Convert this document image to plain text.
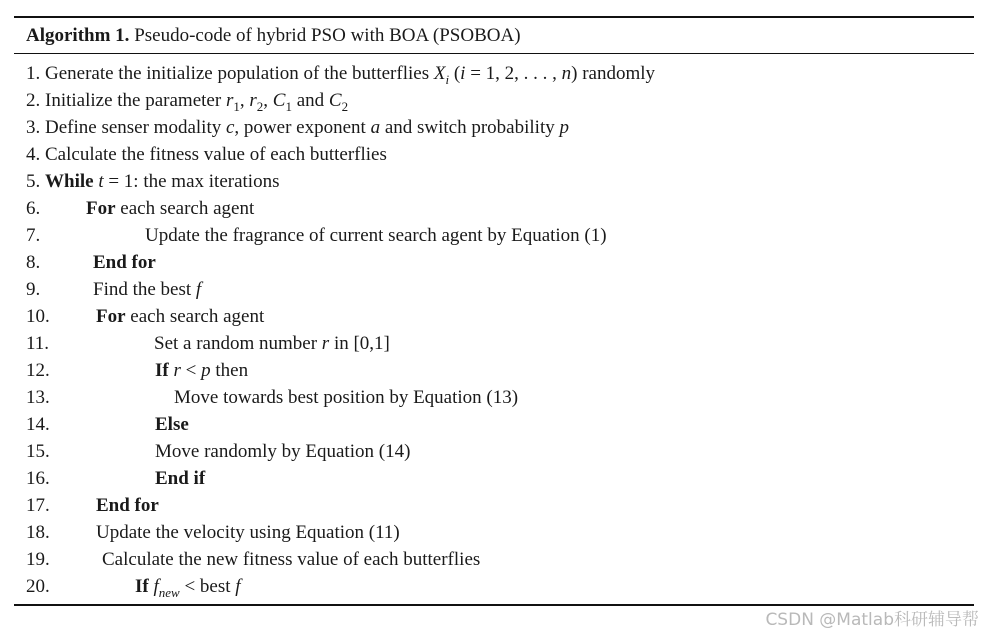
Algorithm 1. Pseudo-code of hybrid PSO with BOA (PSOBOA)
1. Generate the initialize population of the butterflies $X_i$ (i = 1, 2, . . . , n) randomly
2. Initialize the parameter $r_1$, $r_2$, $C_1$ and $C_2$
3. Define senser modality c, power exponent a and switch probability p
4. Calculate the fitness value of each butterflies
5. While t = 1: the max iterations
6. For each search agent
7.	Update the fragrance of current search agent by Equation (1)
8.	End for
9.	Find the best f
10. For each search agent
11.	Set a random number r in [0,1]
12.	If r < p then
13.	Move towards best position by Equation (13)
14.	Else
15.	Move randomly by Equation (14)
16.	End if
17. End for
18. Update the velocity using Equation (11)
19.	Calculate the new fitness value of each butterflies
20.	If $f_{new}$ < best f
CSDN @Matlab科研辅导帮
